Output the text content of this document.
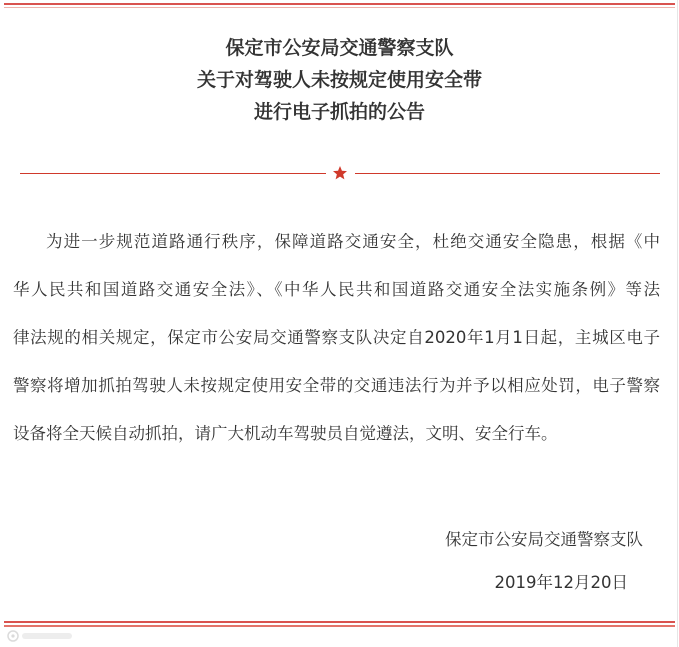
保定市公安局交通警察支队
关于对驾驶人未按规定使用安全带
进行电子抓拍的公告
为进一步规范道路通行秩序，保障道路交通安全，杜绝交通安全隐患，根据《中
华人民共和国道路交通安全法》、《中华人民共和国道路交通安全法实施条例》等法
律法规的相关规定，保定市公安局交通警察支队决定自2020年1月1日起，主城区电子
警察将增加抓拍驾驶人未按规定使用安全带的交通违法行为并予以相应处罚，电子警察
设备将全天候自动抓拍，请广大机动车驾驶员自觉遵法，文明、安全行车。
保定市公安局交通警察支队
2019年12月20日
